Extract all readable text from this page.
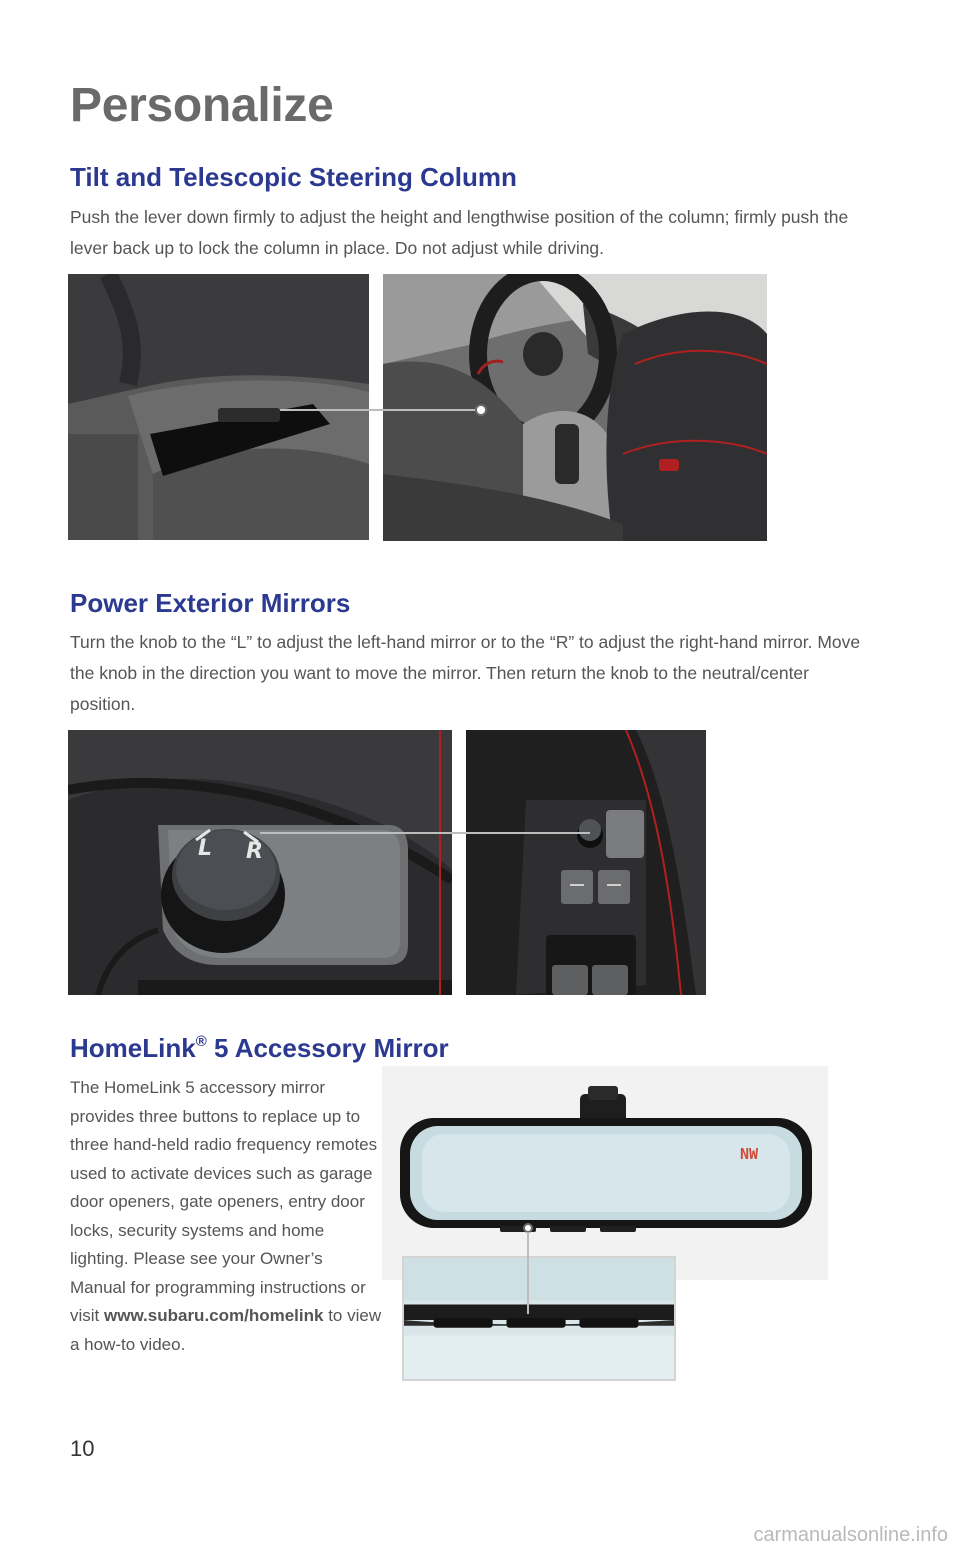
Personalize
Tilt and Telescopic Steering Column

Push the lever down firmly to adjust the height and lengthwise position of the column; firmly push the lever back up to lock the column in place. Do not adjust while driving.

Power Exterior Mirrors

Turn the knob to the “L” to adjust the left-hand mirror or to the “R” to adjust the right-hand mirror. Move the knob in the direction you want to move the mirror. Then return the knob to the neutral/center position.

L R
HomeLink® 5 Accessory Mirror

The HomeLink 5 accessory mirror provides three buttons to replace up to three hand-held radio frequency remotes used to activate devices such as garage door openers, gate openers, entry door locks, security systems and home lighting. Please see your Owner’s Manual for programming instructions or visit www.subaru.com/homelink to view a how-to video.

NW
10
carmanualsonline.info
